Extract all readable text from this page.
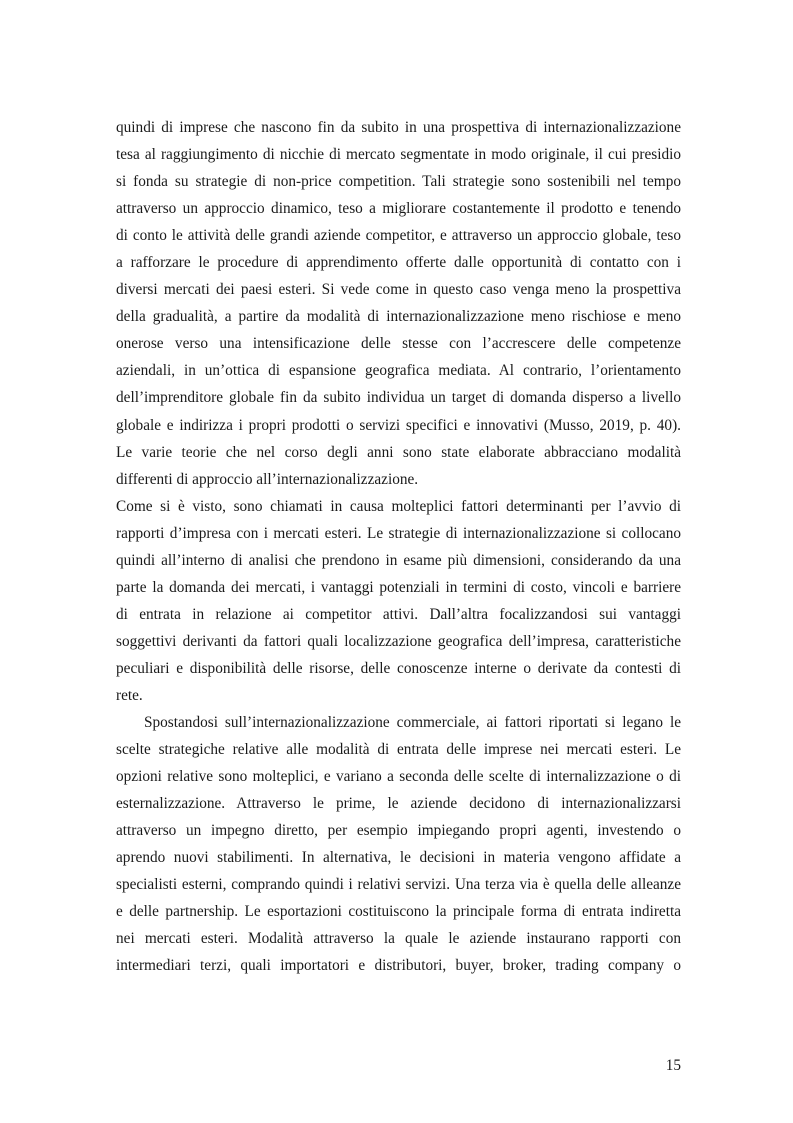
quindi di imprese che nascono fin da subito in una prospettiva di internazionalizzazione
tesa al raggiungimento di nicchie di mercato segmentate in modo originale, il cui presidio
si fonda su strategie di non-price competition. Tali strategie sono sostenibili nel tempo
attraverso un approccio dinamico, teso a migliorare costantemente il prodotto e tenendo
di conto le attività delle grandi aziende competitor, e attraverso un approccio globale, teso
a rafforzare le procedure di apprendimento offerte dalle opportunità di contatto con i
diversi mercati dei paesi esteri. Si vede come in questo caso venga meno la prospettiva
della gradualità, a partire da modalità di internazionalizzazione meno rischiose e meno
onerose verso una intensificazione delle stesse con l’accrescere delle competenze
aziendali, in un’ottica di espansione geografica mediata. Al contrario, l’orientamento
dell’imprenditore globale fin da subito individua un target di domanda disperso a livello
globale e indirizza i propri prodotti o servizi specifici e innovativi (Musso, 2019, p. 40).
Le varie teorie che nel corso degli anni sono state elaborate abbracciano modalità
differenti di approccio all’internazionalizzazione.
Come si è visto, sono chiamati in causa molteplici fattori determinanti per l’avvio di
rapporti d’impresa con i mercati esteri. Le strategie di internazionalizzazione si collocano
quindi all’interno di analisi che prendono in esame più dimensioni, considerando da una
parte la domanda dei mercati, i vantaggi potenziali in termini di costo, vincoli e barriere
di entrata in relazione ai competitor attivi. Dall’altra focalizzandosi sui vantaggi
soggettivi derivanti da fattori quali localizzazione geografica dell’impresa, caratteristiche
peculiari e disponibilità delle risorse, delle conoscenze interne o derivate da contesti di
rete.
Spostandosi sull’internazionalizzazione commerciale, ai fattori riportati si legano le
scelte strategiche relative alle modalità di entrata delle imprese nei mercati esteri. Le
opzioni relative sono molteplici, e variano a seconda delle scelte di internalizzazione o di
esternalizzazione. Attraverso le prime, le aziende decidono di internazionalizzarsi
attraverso un impegno diretto, per esempio impiegando propri agenti, investendo o
aprendo nuovi stabilimenti. In alternativa, le decisioni in materia vengono affidate a
specialisti esterni, comprando quindi i relativi servizi. Una terza via è quella delle alleanze
e delle partnership. Le esportazioni costituiscono la principale forma di entrata indiretta
nei mercati esteri. Modalità attraverso la quale le aziende instaurano rapporti con
intermediari terzi, quali importatori e distributori, buyer, broker, trading company o
15
